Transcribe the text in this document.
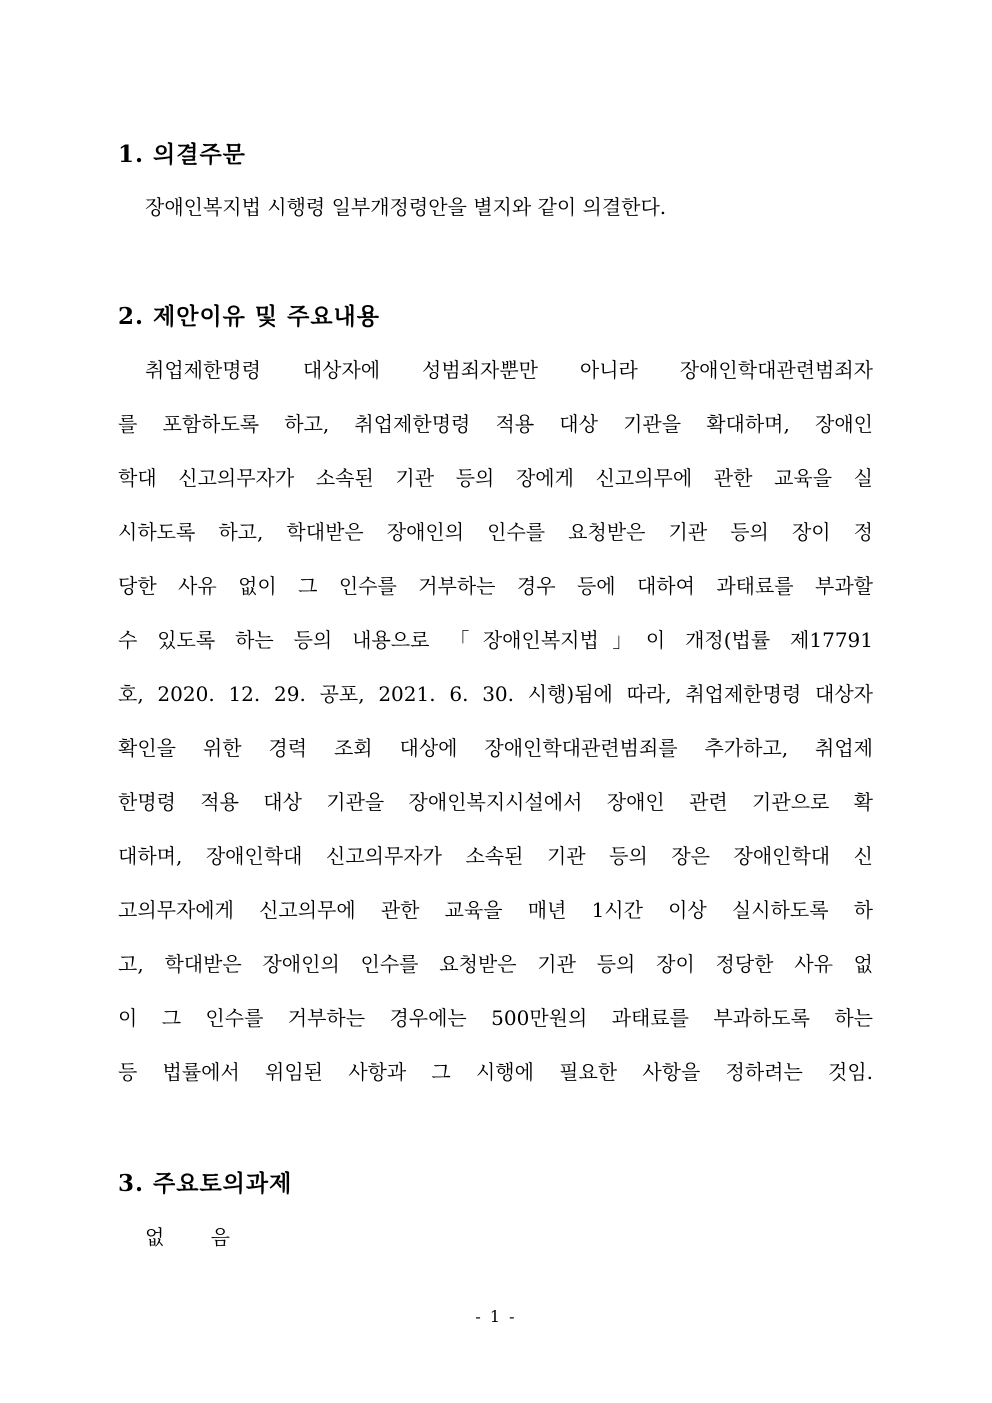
1. 의결주문
장애인복지법 시행령 일부개정령안을 별지와 같이 의결한다.
2. 제안이유 및 주요내용
취업제한명령 대상자에 성범죄자뿐만 아니라 장애인학대관련범죄자
를 포함하도록 하고, 취업제한명령 적용 대상 기관을 확대하며, 장애인
학대 신고의무자가 소속된 기관 등의 장에게 신고의무에 관한 교육을 실
시하도록 하고, 학대받은 장애인의 인수를 요청받은 기관 등의 장이 정
당한 사유 없이 그 인수를 거부하는 경우 등에 대하여 과태료를 부과할
수 있도록 하는 등의 내용으로 「장애인복지법」이 개정(법률 제17791
호, 2020. 12. 29. 공포, 2021. 6. 30. 시행)됨에 따라, 취업제한명령 대상자
확인을 위한 경력 조회 대상에 장애인학대관련범죄를 추가하고, 취업제
한명령 적용 대상 기관을 장애인복지시설에서 장애인 관련 기관으로 확
대하며, 장애인학대 신고의무자가 소속된 기관 등의 장은 장애인학대 신
고의무자에게 신고의무에 관한 교육을 매년 1시간 이상 실시하도록 하
고, 학대받은 장애인의 인수를 요청받은 기관 등의 장이 정당한 사유 없
이 그 인수를 거부하는 경우에는 500만원의 과태료를 부과하도록 하는
등 법률에서 위임된 사항과 그 시행에 필요한 사항을 정하려는 것임.
3. 주요토의과제
없 음
- 1 -
